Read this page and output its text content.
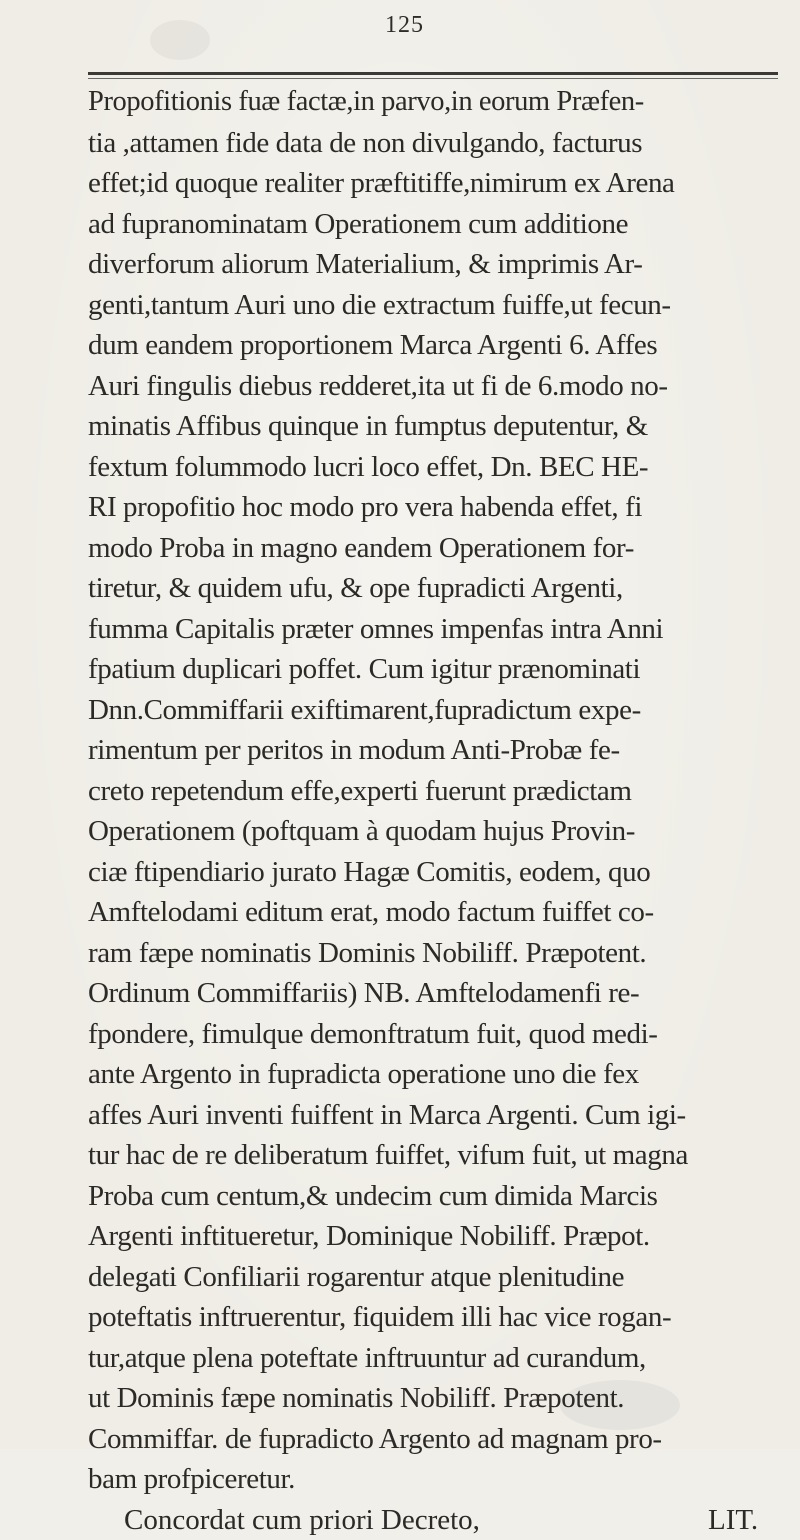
125
Propofitionis fuæ factæ,in parvo,in eorum Præfen-
tia ,attamen fide data de non divulgando, facturus
effet;id quoque realiter præftitiffe,nimirum ex Arena
ad fupranominatam Operationem cum additione
diverforum aliorum Materialium, & imprimis Ar-
genti,tantum Auri uno die extractum fuiffe,ut fecun-
dum eandem proportionem Marca Argenti 6. Affes
Auri fingulis diebus redderet,ita ut fi de 6.modo no-
minatis Affibus quinque in fumptus deputentur, &
fextum folummodo lucri loco effet, Dn. BEC HE-
RI propofitio hoc modo pro vera habenda effet, fi
modo Proba in magno eandem Operationem for-
tiretur, & quidem ufu, & ope fupradicti Argenti,
fumma Capitalis præter omnes impenfas intra Anni
fpatium duplicari poffet. Cum igitur prænominati
Dnn.Commiffarii exiftimarent,fupradictum expe-
rimentum per peritos in modum Anti-Probæ fe-
creto repetendum effe,experti fuerunt prædictam
Operationem (poftquam à quodam hujus Provin-
ciæ ftipendiario jurato Hagæ Comitis, eodem, quo
Amftelodami editum erat, modo factum fuiffet co-
ram fæpe nominatis Dominis Nobiliff. Præpotent.
Ordinum Commiffariis) NB. Amftelodamenfi re-
fpondere, fimulque demonftratum fuit, quod medi-
ante Argento in fupradicta operatione uno die fex
affes Auri inventi fuiffent in Marca Argenti. Cum igi-
tur hac de re deliberatum fuiffet, vifum fuit, ut magna
Proba cum centum,& undecim cum dimida Marcis
Argenti inftitueretur, Dominique Nobiliff. Præpot.
delegati Confiliarii rogarentur atque plenitudine
poteftatis inftruerentur, fiquidem illi hac vice rogan-
tur,atque plena poteftate inftruuntur ad curandum,
ut Dominis fæpe nominatis Nobiliff. Præpotent.
Commiffar. de fupradicto Argento ad magnam pro-
bam profpiceretur.
Concordat cum priori Decreto,	LIT.
